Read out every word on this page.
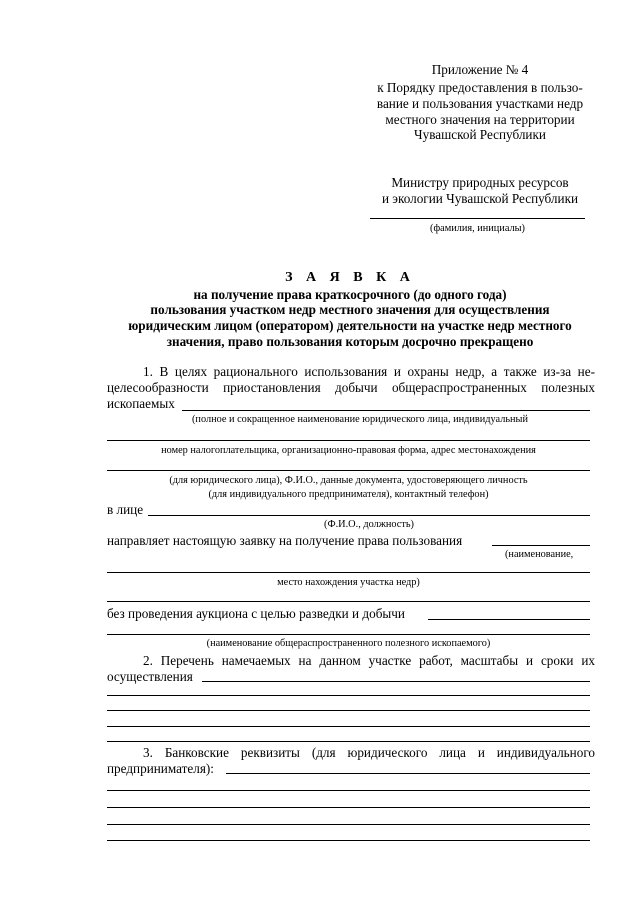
Приложение № 4
к Порядку предоставления в пользо-
вание и пользования участками недр
местного значения на территории
Чувашской Республики
Министру природных ресурсов
и экологии Чувашской Республики
(фамилия, инициалы)
З А Я В К А
на получение права краткосрочного (до одного года)
пользования участком недр местного значения для осуществления
юридическим лицом (оператором) деятельности на участке недр местного
значения, право пользования которым досрочно прекращено
1. В целях рационального использования и охраны недр, а также из-за не-
целесообразности приостановления добычи общераспространенных полезных
ископаемых
(полное и сокращенное наименование юридического лица, индивидуальный
номер налогоплательщика, организационно-правовая форма, адрес местонахождения
(для юридического лица), Ф.И.О., данные документа, удостоверяющего личность
(для индивидуального предпринимателя), контактный телефон)
в лице
(Ф.И.О., должность)
направляет настоящую заявку на получение права пользования
(наименование,
место нахождения участка недр)
без проведения аукциона с целью разведки и добычи
(наименование общераспространенного полезного ископаемого)
2. Перечень намечаемых на данном участке работ, масштабы и сроки их
осуществления
3. Банковские реквизиты (для юридического лица и индивидуального
предпринимателя):
